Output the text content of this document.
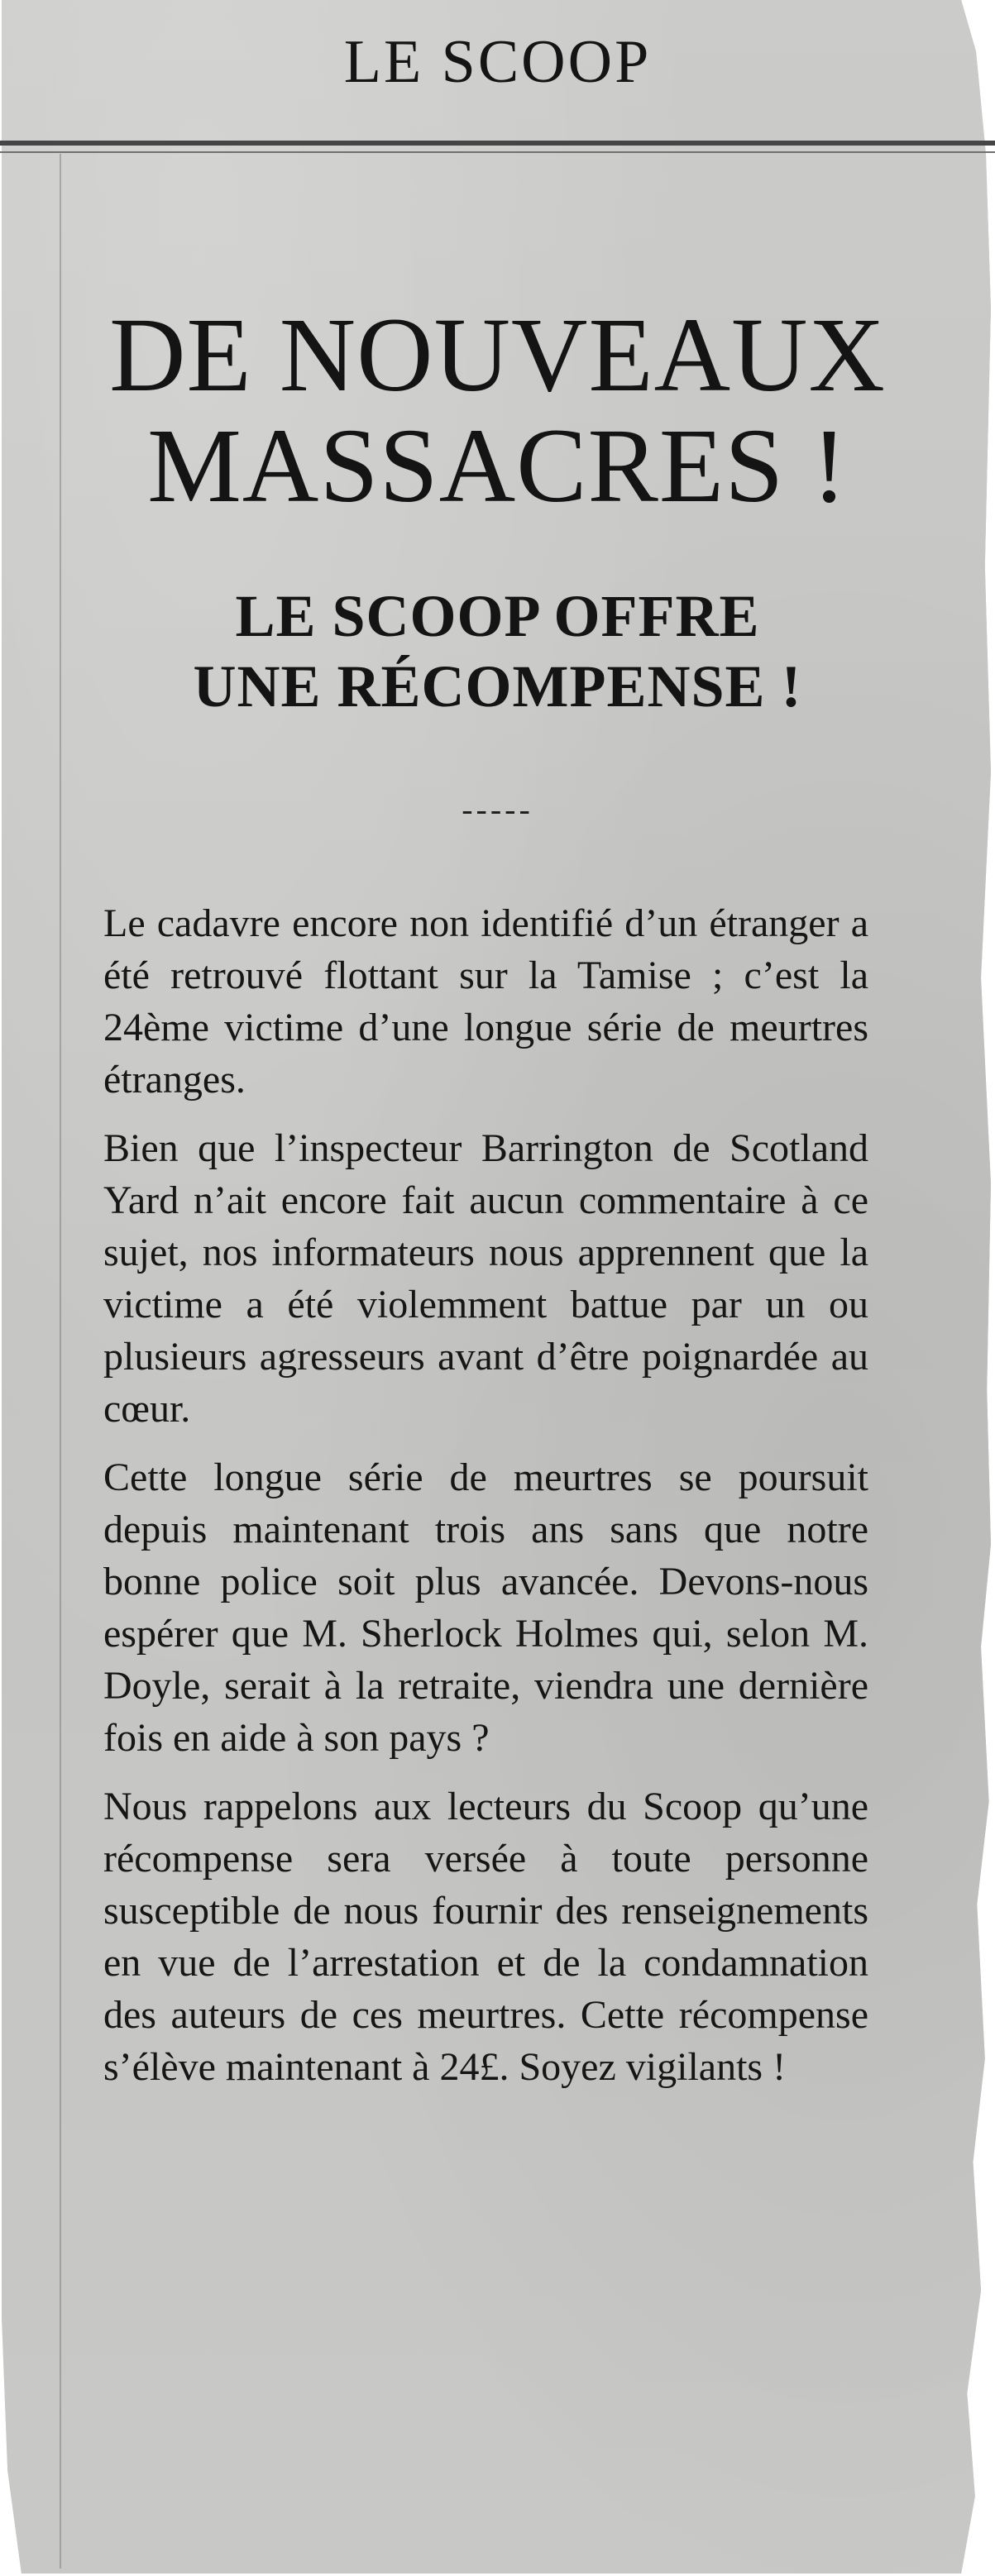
LE SCOOP
DE NOUVEAUX
MASSACRES !
LE SCOOP OFFRE
UNE RÉCOMPENSE !
-----

Le cadavre encore non identifié d’un étranger a été retrouvé flottant sur la Tamise ; c’est la 24ème victime d’une longue série de meurtres étranges.

Bien que l’inspecteur Barrington de Scotland Yard n’ait encore fait aucun commentaire à ce sujet, nos informateurs nous apprennent que la victime a été violemment battue par un ou plusieurs agresseurs avant d’être poignardée au cœur.

Cette longue série de meurtres se poursuit depuis maintenant trois ans sans que notre bonne police soit plus avancée. Devons-nous espérer que M. Sherlock Holmes qui, selon M. Doyle, serait à la retraite, viendra une dernière fois en aide à son pays ?

Nous rappelons aux lecteurs du Scoop qu’une récompense sera versée à toute personne susceptible de nous fournir des renseignements en vue de l’arrestation et de la condamnation des auteurs de ces meurtres. Cette récompense s’élève maintenant à 24£. Soyez vigilants !
